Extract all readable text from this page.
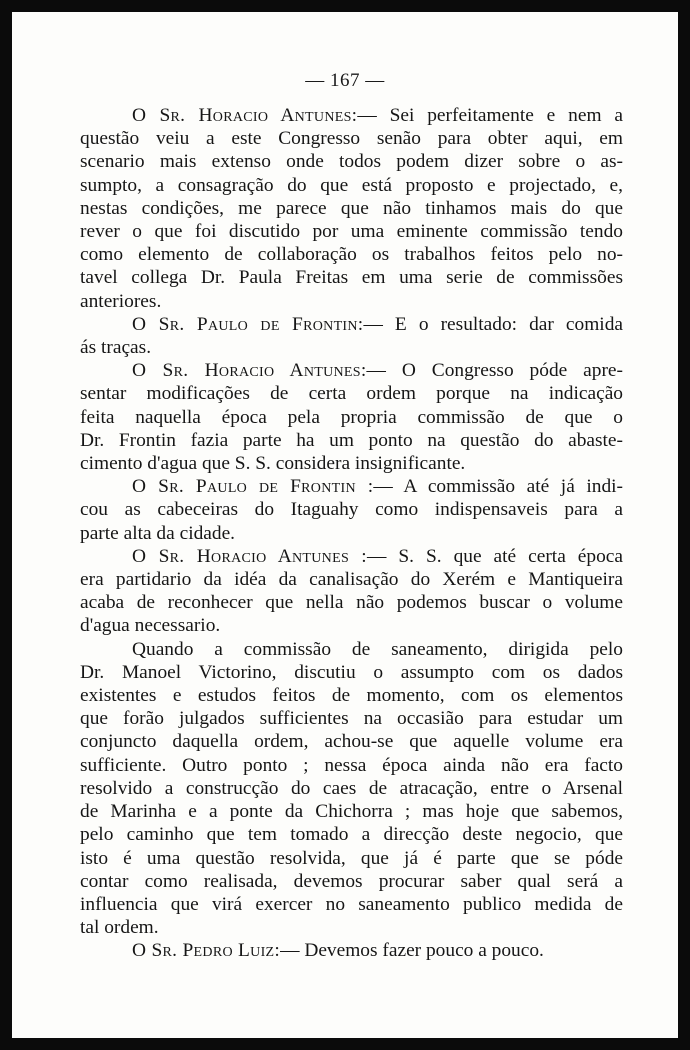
— 167 —
O Sr. Horacio Antunes:— Sei perfeitamente e nem a
questão veiu a este Congresso senão para obter aqui, em
scenario mais extenso onde todos podem dizer sobre o as-
sumpto, a consagração do que está proposto e projectado, e,
nestas condições, me parece que não tinhamos mais do que
rever o que foi discutido por uma eminente commissão tendo
como elemento de collaboração os trabalhos feitos pelo no-
tavel collega Dr. Paula Freitas em uma serie de commissões
anteriores.
O Sr. Paulo de Frontin:— E o resultado: dar comida
ás traças.
O Sr. Horacio Antunes:— O Congresso póde apre-
sentar modificações de certa ordem porque na indicação
feita naquella época pela propria commissão de que o
Dr. Frontin fazia parte ha um ponto na questão do abaste-
cimento d'agua que S. S. considera insignificante.
O Sr. Paulo de Frontin :— A commissão até já indi-
cou as cabeceiras do Itaguahy como indispensaveis para a
parte alta da cidade.
O Sr. Horacio Antunes :— S. S. que até certa época
era partidario da idéa da canalisação do Xerém e Mantiqueira
acaba de reconhecer que nella não podemos buscar o volume
d'agua necessario.
Quando a commissão de saneamento, dirigida pelo
Dr. Manoel Victorino, discutiu o assumpto com os dados
existentes e estudos feitos de momento, com os elementos
que forão julgados sufficientes na occasião para estudar um
conjuncto daquella ordem, achou-se que aquelle volume era
sufficiente. Outro ponto ; nessa época ainda não era facto
resolvido a construcção do caes de atracação, entre o Arsenal
de Marinha e a ponte da Chichorra ; mas hoje que sabemos,
pelo caminho que tem tomado a direcção deste negocio, que
isto é uma questão resolvida, que já é parte que se póde
contar como realisada, devemos procurar saber qual será a
influencia que virá exercer no saneamento publico medida de
tal ordem.
O Sr. Pedro Luiz:— Devemos fazer pouco a pouco.
